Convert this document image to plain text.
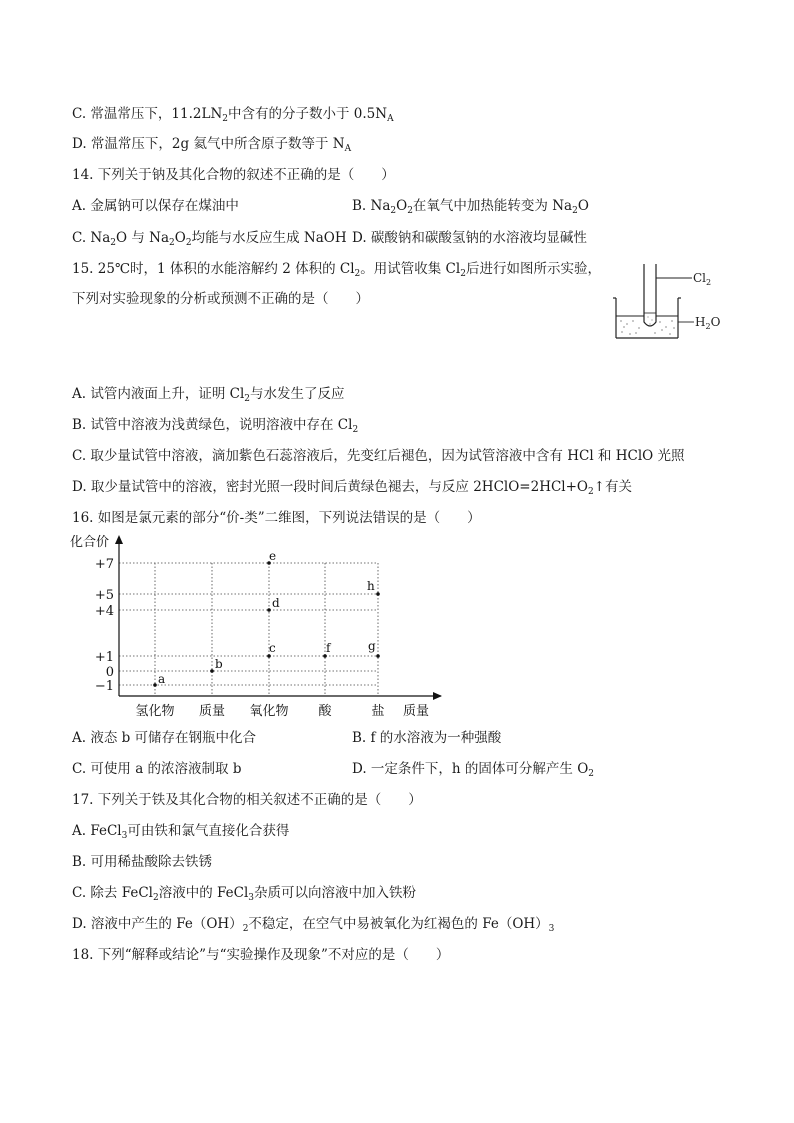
C. 常温常压下，$11.2LN_2$中含有的分子数小于 $0.5N_A$
D. 常温常压下，2g 氦气中所含原子数等于 $N_A$
14. 下列关于钠及其化合物的叙述不正确的是（　　）
A. 金属钠可以保存在煤油中	B. $Na_2O_2$在氧气中加热能转变为 $Na_2O$
C. $Na_2O$ 与 $Na_2O_2$均能与水反应生成 NaOH D. 碳酸钠和碳酸氢钠的水溶液均显碱性
15. 25℃时，1 体积的水能溶解约 2 体积的 $Cl_2$。用试管收集 $Cl_2$后进行如图所示实验，
下列对实验现象的分析或预测不正确的是（　　）
$Cl_2$
$H_2O$
A. 试管内液面上升，证明 $Cl_2$与水发生了反应
B. 试管中溶液为浅黄绿色，说明溶液中存在 $Cl_2$
C. 取少量试管中溶液，滴加紫色石蕊溶液后，先变红后褪色，因为试管溶液中含有 HCl 和 HClO 光照
D. 取少量试管中的溶液，密封光照一段时间后黄绿色褪去，与反应 $2HClO=2HCl+O_2↑$有关
16. 如图是氯元素的部分“价-类”二维图，下列说法错误的是（　　）
化合价
+7
+5
+4
+1
0
−1
氢化物 质量 氧化物 酸	盐 质量
a
b
c
d
e
f	g
h
A. 液态 b 可储存在钢瓶中化合	B. f 的水溶液为一种强酸
C. 可使用 a 的浓溶液制取 b	D. 一定条件下，h 的固体可分解产生 $O_2$
17. 下列关于铁及其化合物的相关叙述不正确的是（　　）
A. FeCl$_3$可由铁和氯气直接化合获得
B. 可用稀盐酸除去铁锈
C. 除去 FeCl$_2$溶液中的 FeCl$_3$杂质可以向溶液中加入铁粉
D. 溶液中产生的 $Fe(OH)_2$不稳定，在空气中易被氧化为红褐色的 $Fe(OH)_3$
18. 下列“解释或结论”与“实验操作及现象”不对应的是（　　）
